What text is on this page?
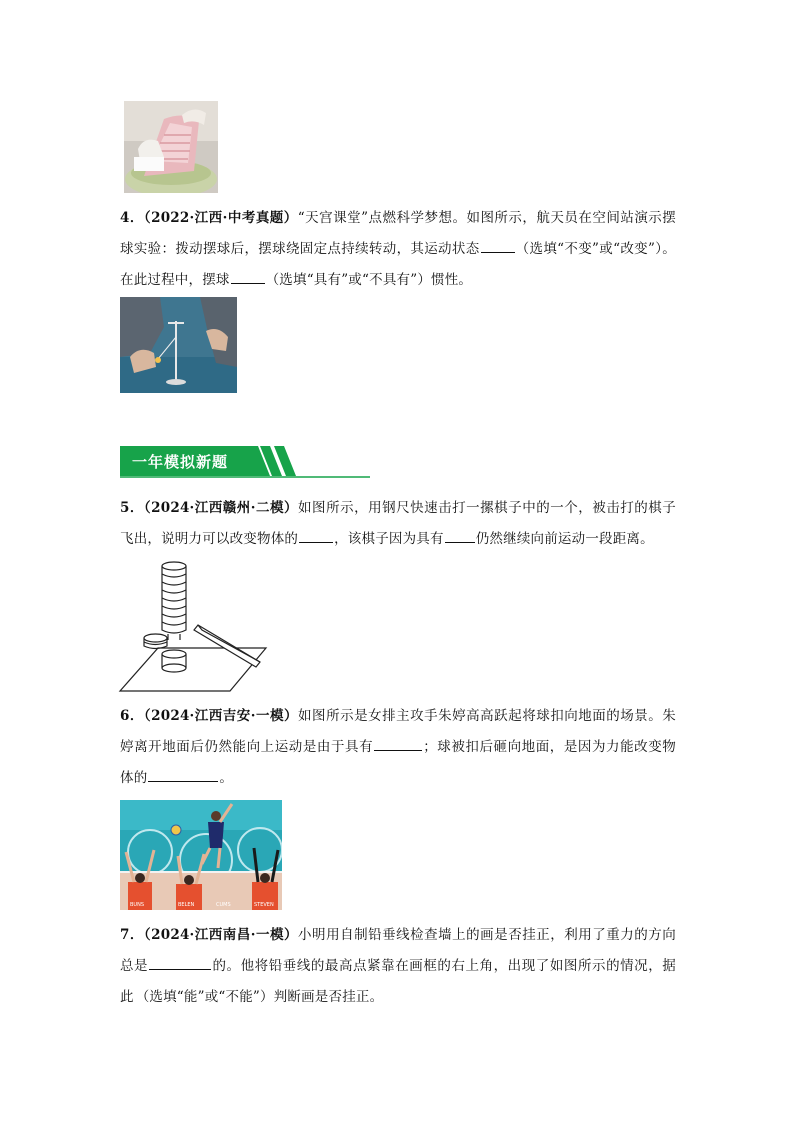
4．（2022·江西·中考真题）“天宫课堂”点燃科学梦想。如图所示，航天员在空间站演示摆球实验：拨动摆球后，摆球绕固定点持续转动，其运动状态	（选填“不变”或“改变”）。在此过程中，摆球	（选填“具有”或“不具有”）惯性。
一年模拟新题
5．（2024·江西赣州·二模）如图所示，用钢尺快速击打一摞棋子中的一个，被击打的棋子飞出，说明力可以改变物体的	，该棋子因为具有 仍然继续向前运动一段距离。
6．（2024·江西吉安·一模）如图所示是女排主攻手朱婷高高跃起将球扣向地面的场景。朱婷离开地面后仍然能向上运动是由于具有	；球被扣后砸向地面，是因为力能改变物体的	。
BUNS	BELEN	CUMS	STEVEN
7．（2024·江西南昌·一模）小明用自制铅垂线检查墙上的画是否挂正，利用了重力的方向总是	的。他将铅垂线的最高点紧靠在画框的右上角，出现了如图所示的情况，据此 （选填“能”或“不能”）判断画是否挂正。
